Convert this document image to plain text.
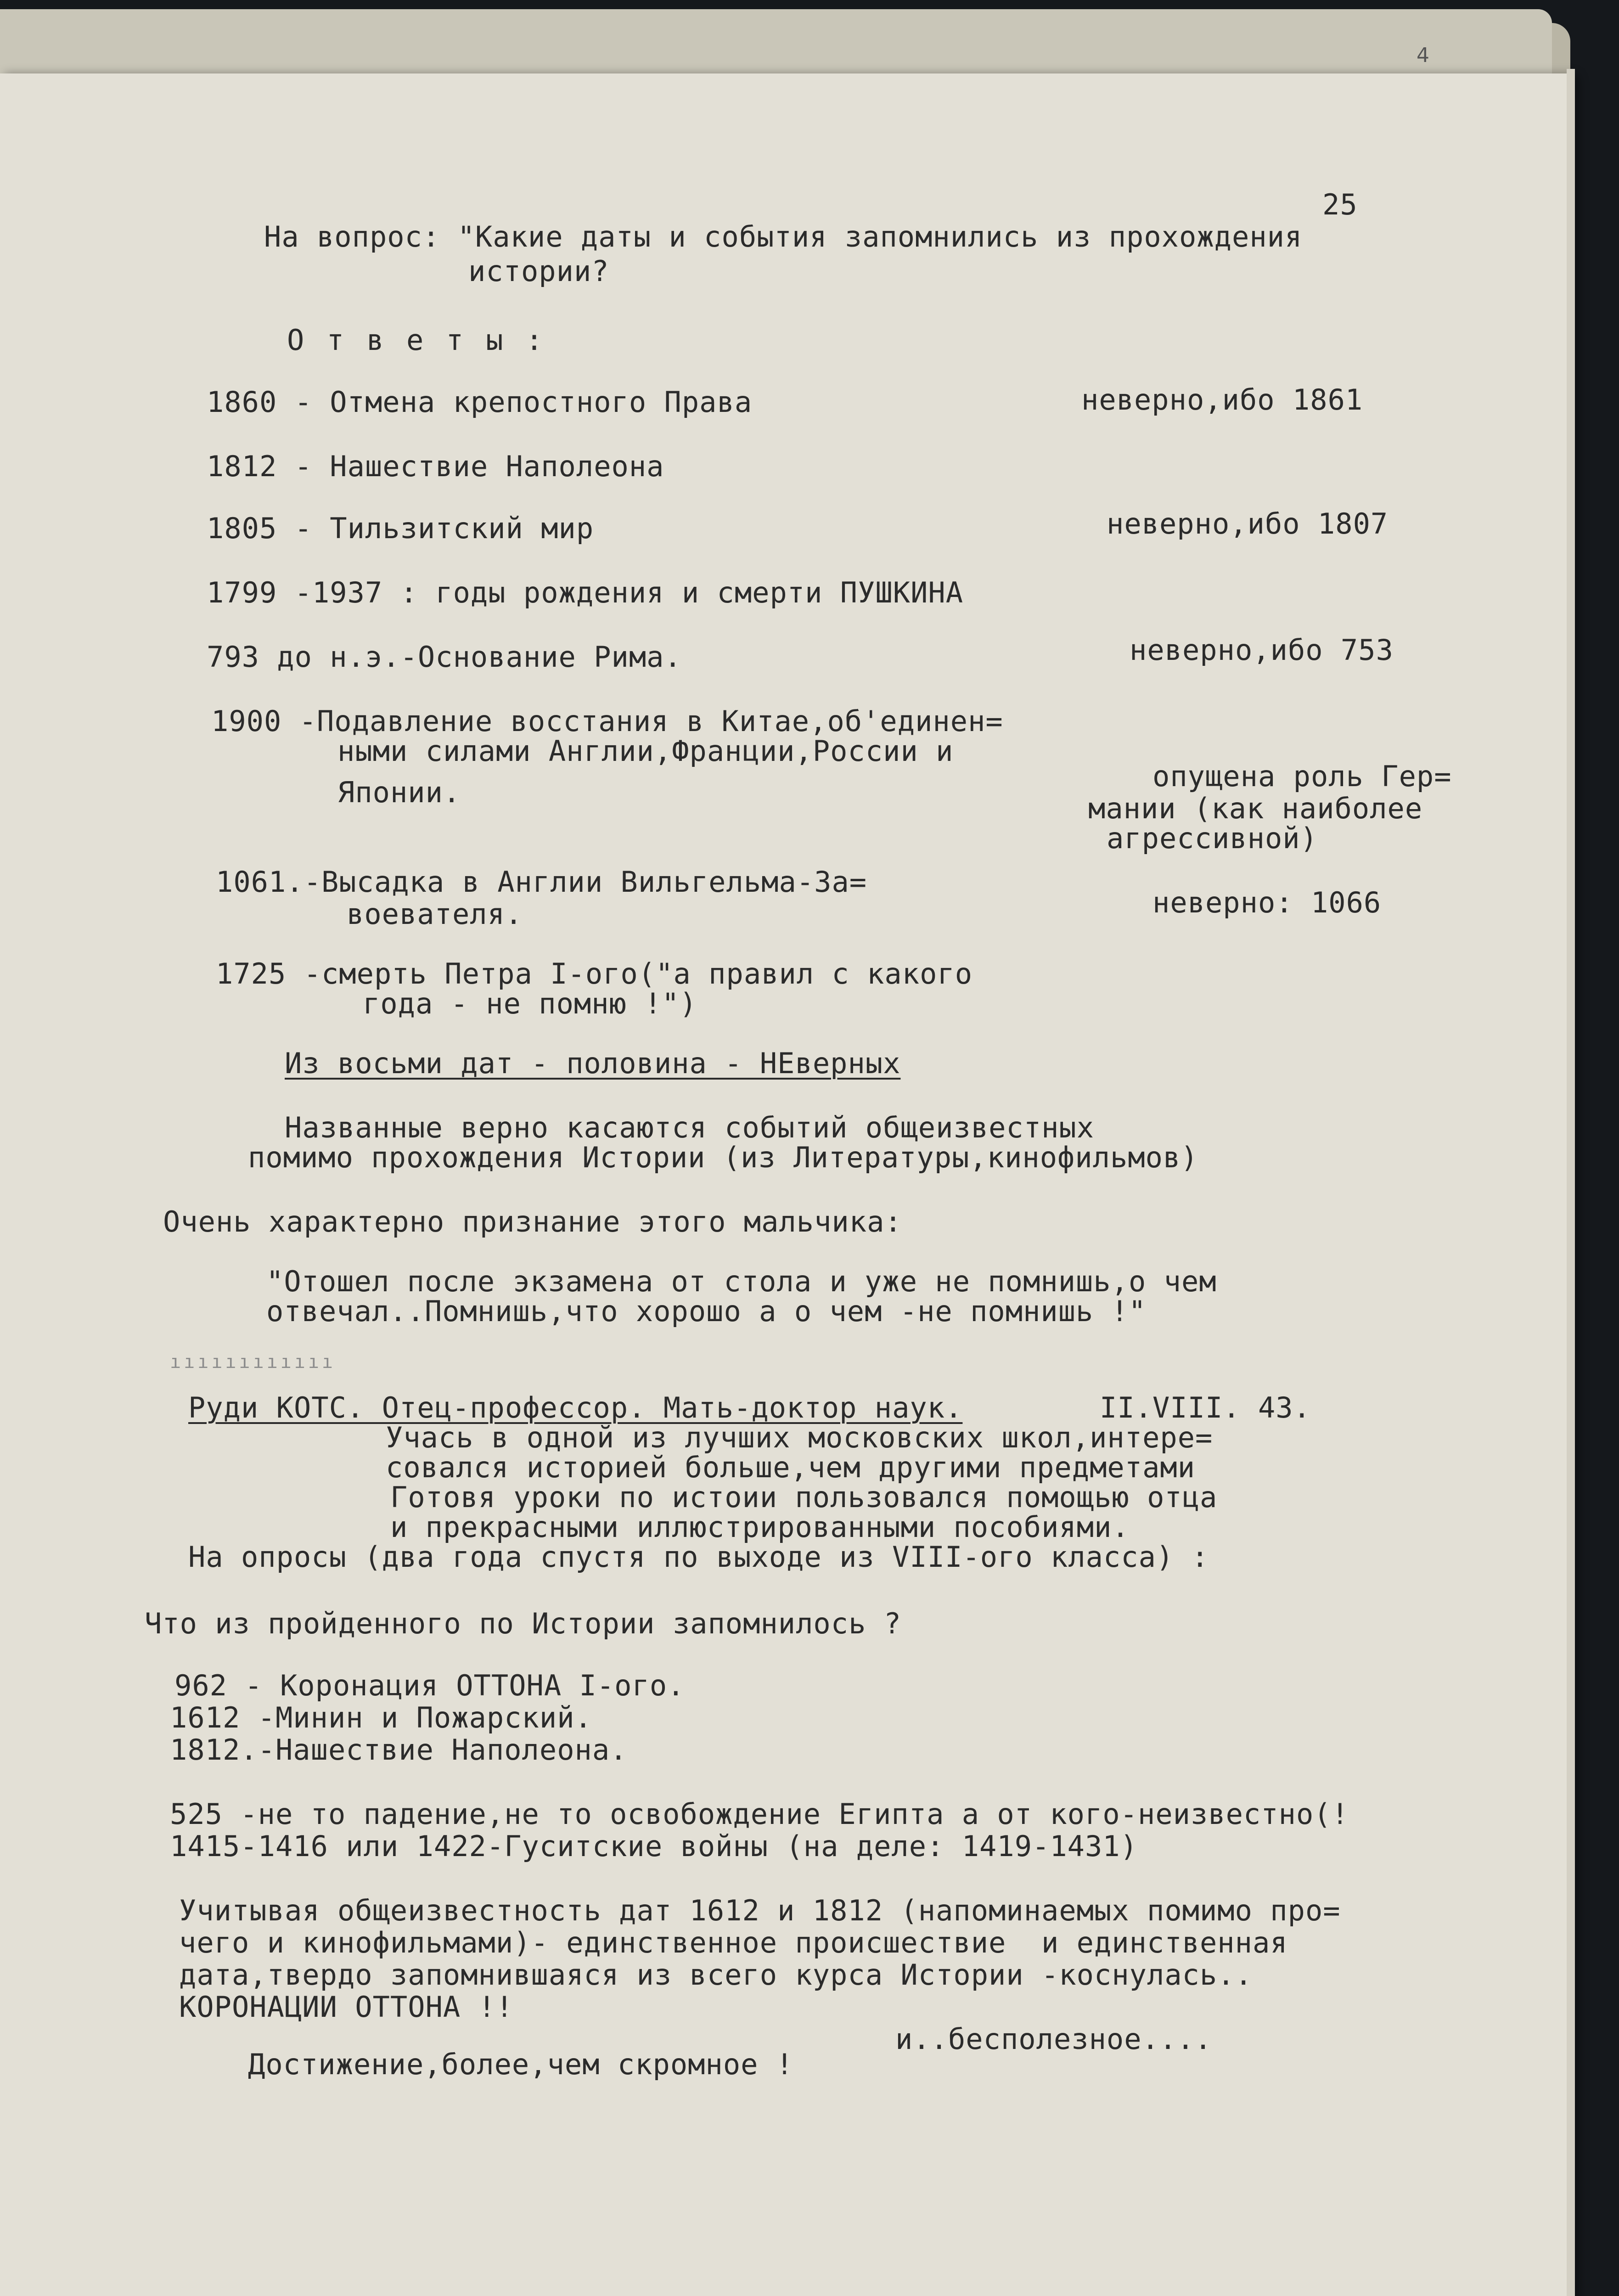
4
25
На вопрос: "Какие даты и события запомнились из прохождения
истории?
О т в е т ы :
1860 - Отмена крепостного Права	неверно,ибо 1861
1812 - Нашествие Наполеона
1805 - Тильзитский мир	неверно,ибо 1807
1799 -1937 : годы рождения и смерти ПУШКИНА
793 до н.э.-Основание Рима.	неверно,ибо 753
1900 -Подавление восстания в Китае,об'единен=
ными силами Англии,Франции,России и
Японии.	опущена роль Гер=
мании (как наиболее
агрессивной)
1061.-Высадка в Англии Вильгельма-За=
воевателя.	неверно: 1066
1725 -смерть Петра I-ого("а правил с какого
года - не помню !")
Из восьми дат - половина - НЕверных
Названные верно касаются событий общеизвестных
помимо прохождения Истории (из Литературы,кинофильмов)
Очень характерно признание этого мальчика:
"Отошел после экзамена от стола и уже не помнишь,о чем
отвечал..Помнишь,что хорошо а о чем -не помнишь !"
ıııııııııııı
Руди КОТС. Отец-профессор. Мать-доктор наук.	II.VIII. 43.
Учась в одной из лучших московских школ,интере=
совался историей больше,чем другими предметами
Готовя уроки по истоии пользовался помощью отца
и прекрасными иллюстрированными пособиями.
На опросы (два года спустя по выходе из VIII-ого класса) :
Что из пройденного по Истории запомнилось ?
962 - Коронация ОТТОНА I-ого.
1612 -Минин и Пожарский.
1812.-Нашествие Наполеона.
525 -не то падение,не то освобождение Египта а от кого-неизвестно(!
1415-1416 или 1422-Гуситские войны (на деле: 1419-1431)
Учитывая общеизвестность дат 1612 и 1812 (напоминаемых помимо про=
чего и кинофильмами)- единственное происшествие  и единственная
дата,твердо запомнившаяся из всего курса Истории -коснулась..
КОРОНАЦИИ ОТТОНА !!
Достижение,более,чем скромное !
и..бесполезное....
